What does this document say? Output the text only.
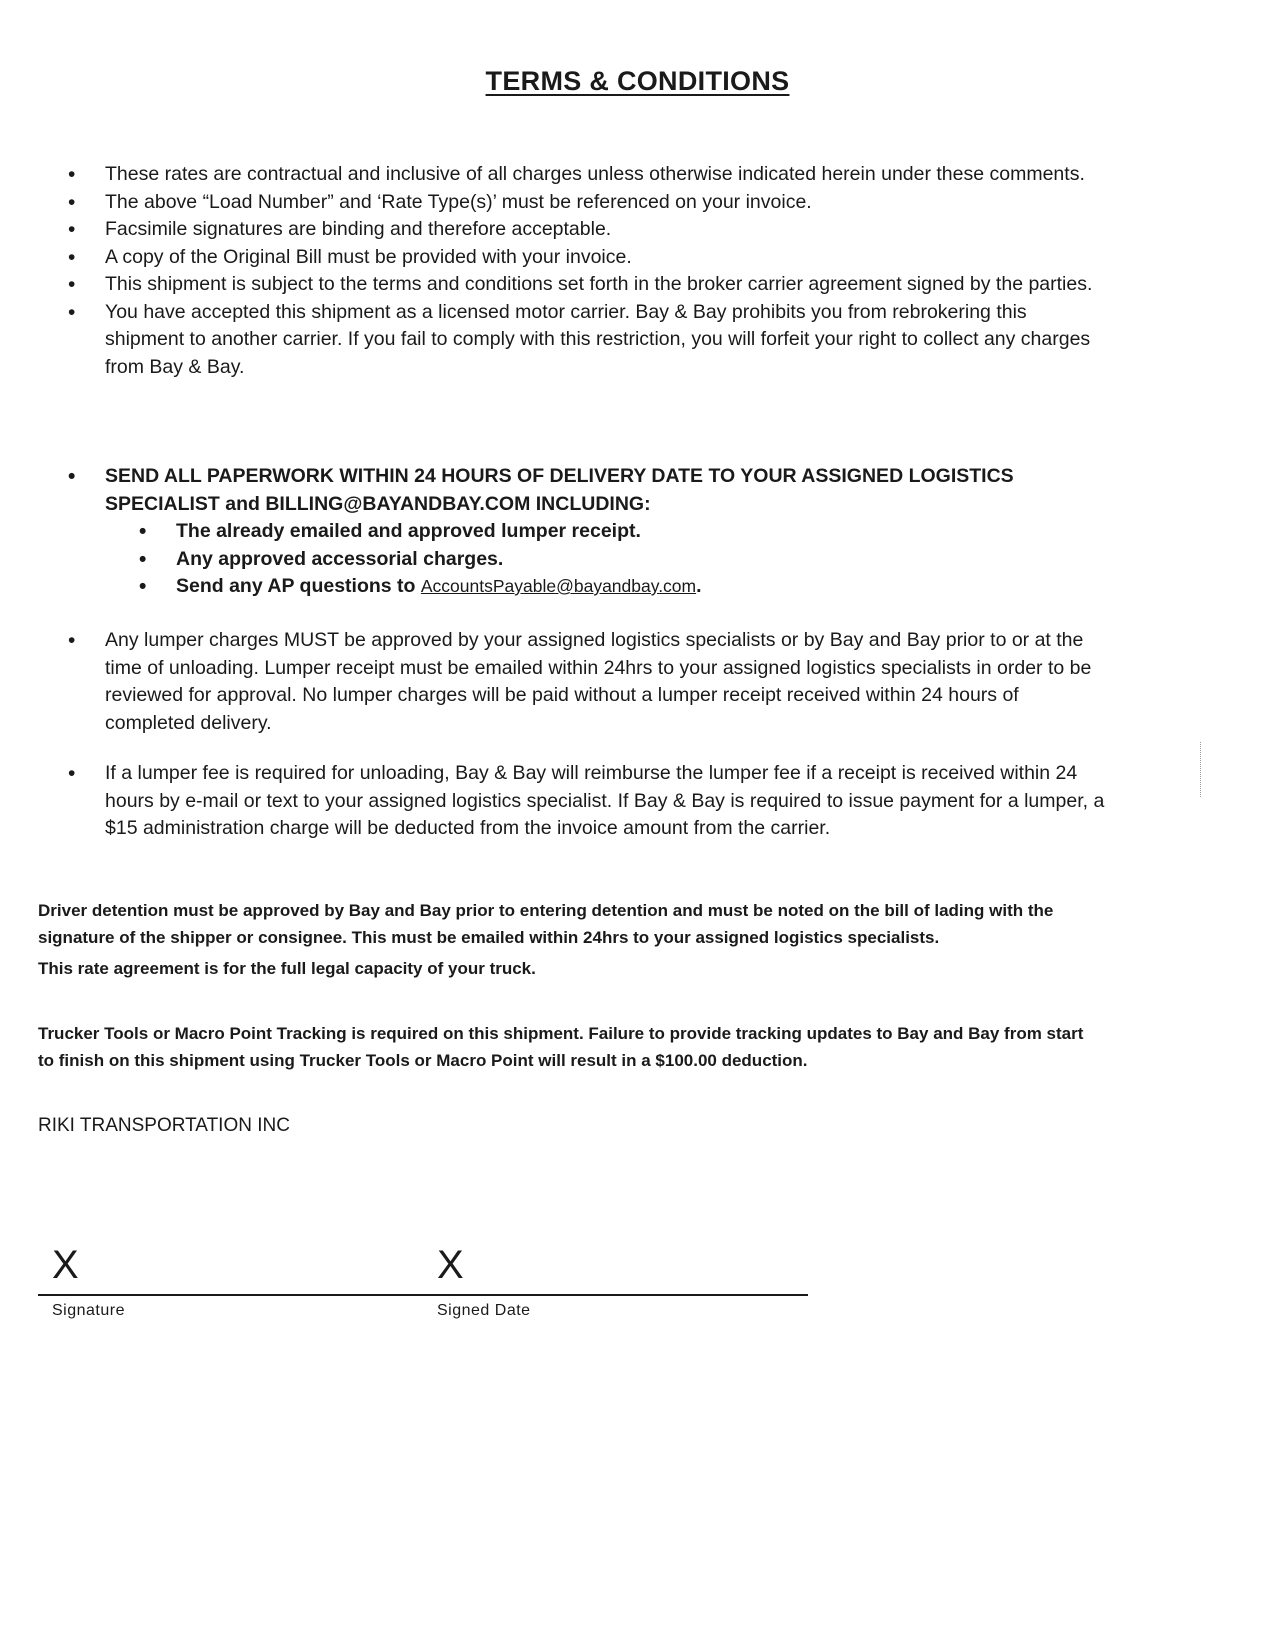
TERMS & CONDITIONS
• These rates are contractual and inclusive of all charges unless otherwise indicated herein under these comments.
• The above “Load Number” and ‘Rate Type(s)’ must be referenced on your invoice.
• Facsimile signatures are binding and therefore acceptable.
• A copy of the Original Bill must be provided with your invoice.
• This shipment is subject to the terms and conditions set forth in the broker carrier agreement signed by the parties.
• You have accepted this shipment as a licensed motor carrier. Bay & Bay prohibits you from rebrokering this shipment to another carrier. If you fail to comply with this restriction, you will forfeit your right to collect any charges from Bay & Bay.
• SEND ALL PAPERWORK WITHIN 24 HOURS OF DELIVERY DATE TO YOUR ASSIGNED LOGISTICS SPECIALIST and BILLING@BAYANDBAY.COM INCLUDING:
• The already emailed and approved lumper receipt.
• Any approved accessorial charges.
• Send any AP questions to AccountsPayable@bayandbay.com.
• Any lumper charges MUST be approved by your assigned logistics specialists or by Bay and Bay prior to or at the time of unloading. Lumper receipt must be emailed within 24hrs to your assigned logistics specialists in order to be reviewed for approval. No lumper charges will be paid without a lumper receipt received within 24 hours of completed delivery.
• If a lumper fee is required for unloading, Bay & Bay will reimburse the lumper fee if a receipt is received within 24 hours by e-mail or text to your assigned logistics specialist. If Bay & Bay is required to issue payment for a lumper, a $15 administration charge will be deducted from the invoice amount from the carrier.

Driver detention must be approved by Bay and Bay prior to entering detention and must be noted on the bill of lading with the signature of the shipper or consignee. This must be emailed within 24hrs to your assigned logistics specialists.

This rate agreement is for the full legal capacity of your truck.

Trucker Tools or Macro Point Tracking is required on this shipment. Failure to provide tracking updates to Bay and Bay from start to finish on this shipment using Trucker Tools or Macro Point will result in a $100.00 deduction.

RIKI TRANSPORTATION INC
X	X
Signature	Signed Date
